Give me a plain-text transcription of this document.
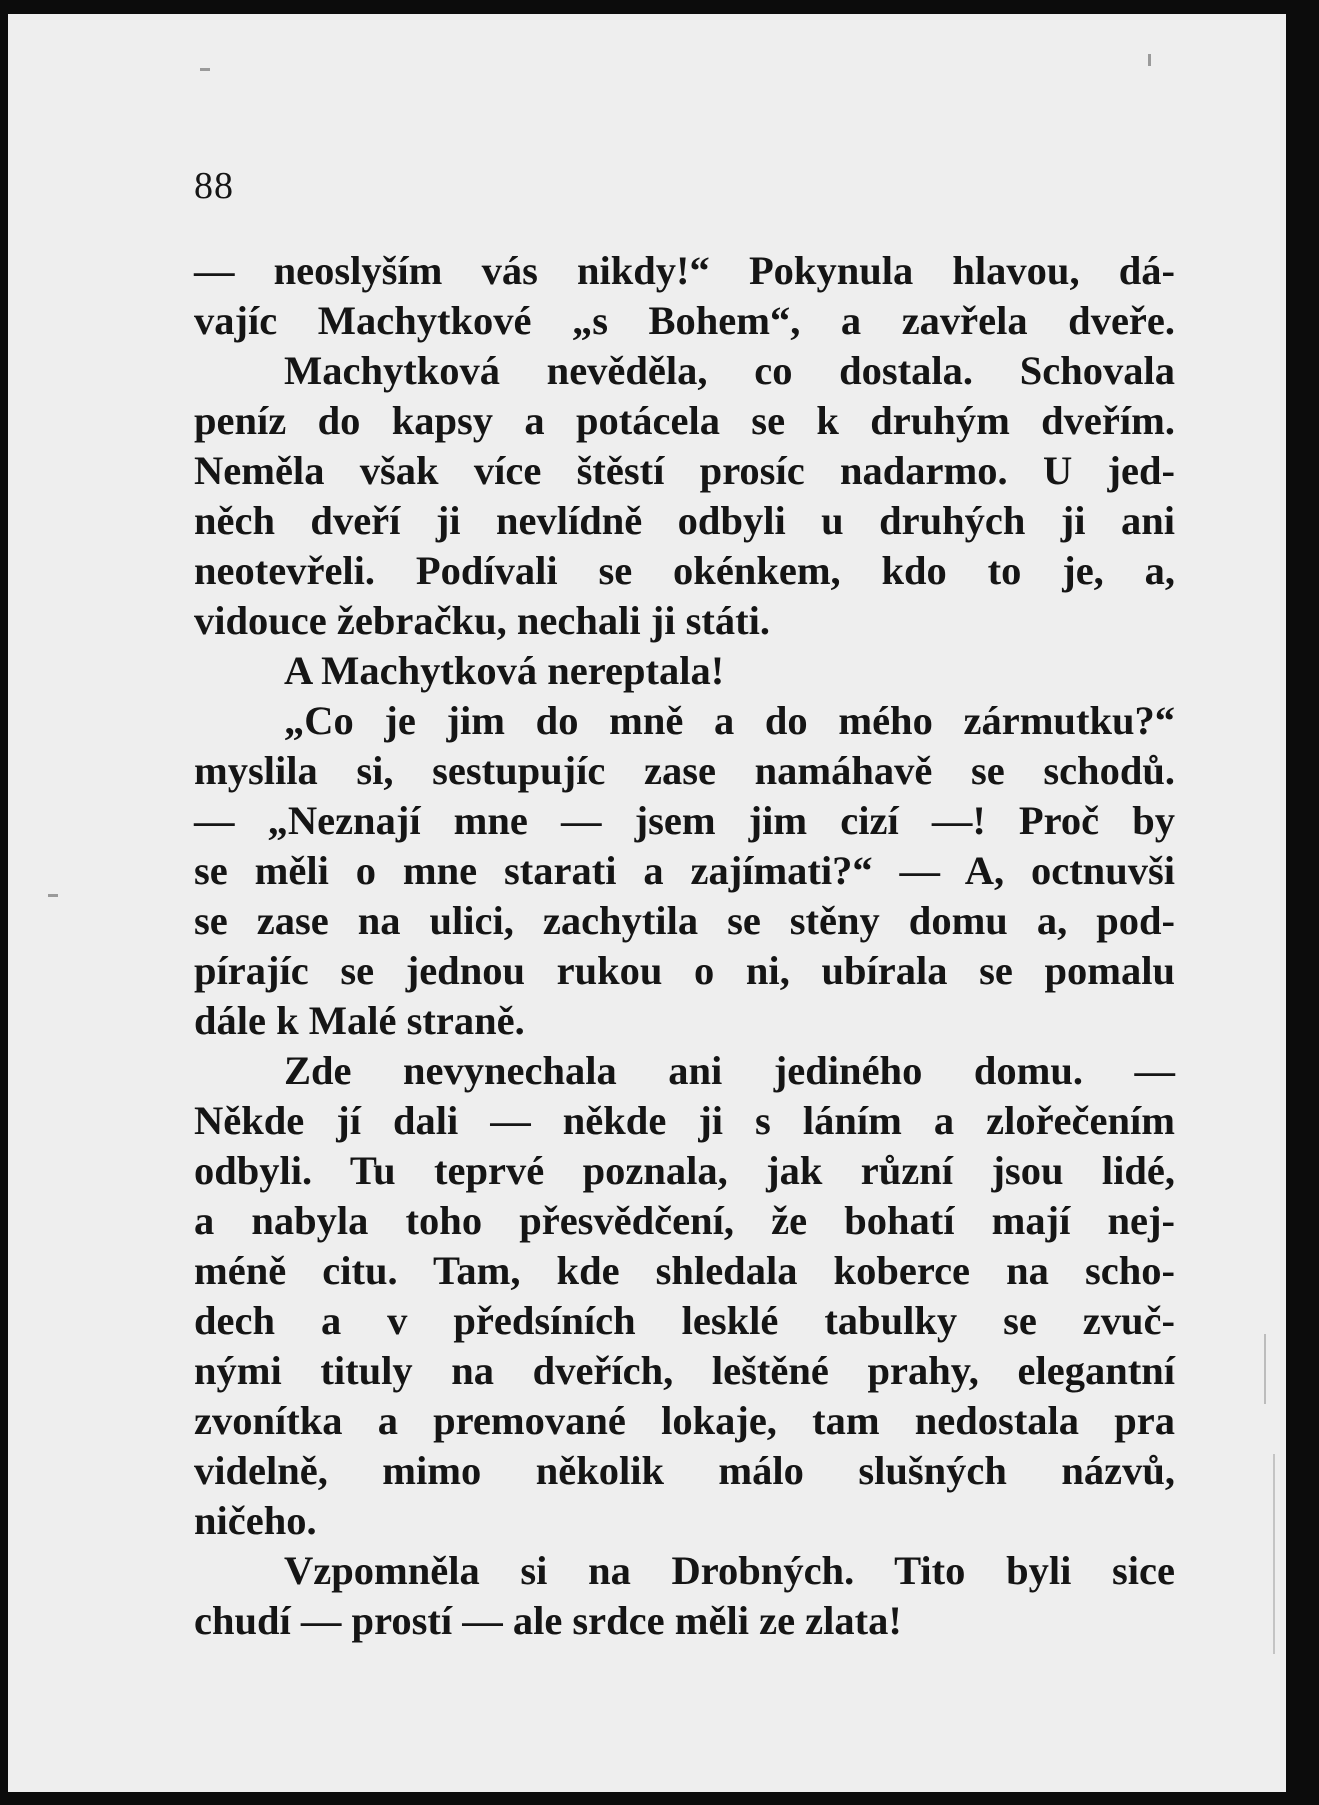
88
— neoslyším vás nikdy!“ Pokynula hlavou, dá-
vajíc Machytkové „s Bohem“, a zavřela dveře.
Machytková nevěděla, co dostala. Schovala
peníz do kapsy a potácela se k druhým dveřím.
Neměla však více štěstí prosíc nadarmo. U jed-
něch dveří ji nevlídně odbyli u druhých ji ani
neotevřeli. Podívali se okénkem, kdo to je, a,
vidouce žebračku, nechali ji státi.
A Machytková nereptala!
„Co je jim do mně a do mého zármutku?“
myslila si, sestupujíc zase namáhavě se schodů.
— „Neznají mne — jsem jim cizí —! Proč by
se měli o mne starati a zajímati?“ — A, octnuvši
se zase na ulici, zachytila se stěny domu a, pod-
pírajíc se jednou rukou o ni, ubírala se pomalu
dále k Malé straně.
Zde nevynechala ani jediného domu. —
Někde jí dali — někde ji s láním a zlořečením
odbyli. Tu teprvé poznala, jak různí jsou lidé,
a nabyla toho přesvědčení, že bohatí mají nej-
méně citu. Tam, kde shledala koberce na scho-
dech a v předsíních lesklé tabulky se zvuč-
nými tituly na dveřích, leštěné prahy, elegantní
zvonítka a premované lokaje, tam nedostala pra
videlně, mimo několik málo slušných názvů,
ničeho.
Vzpomněla si na Drobných. Tito byli sice
chudí — prostí — ale srdce měli ze zlata!
